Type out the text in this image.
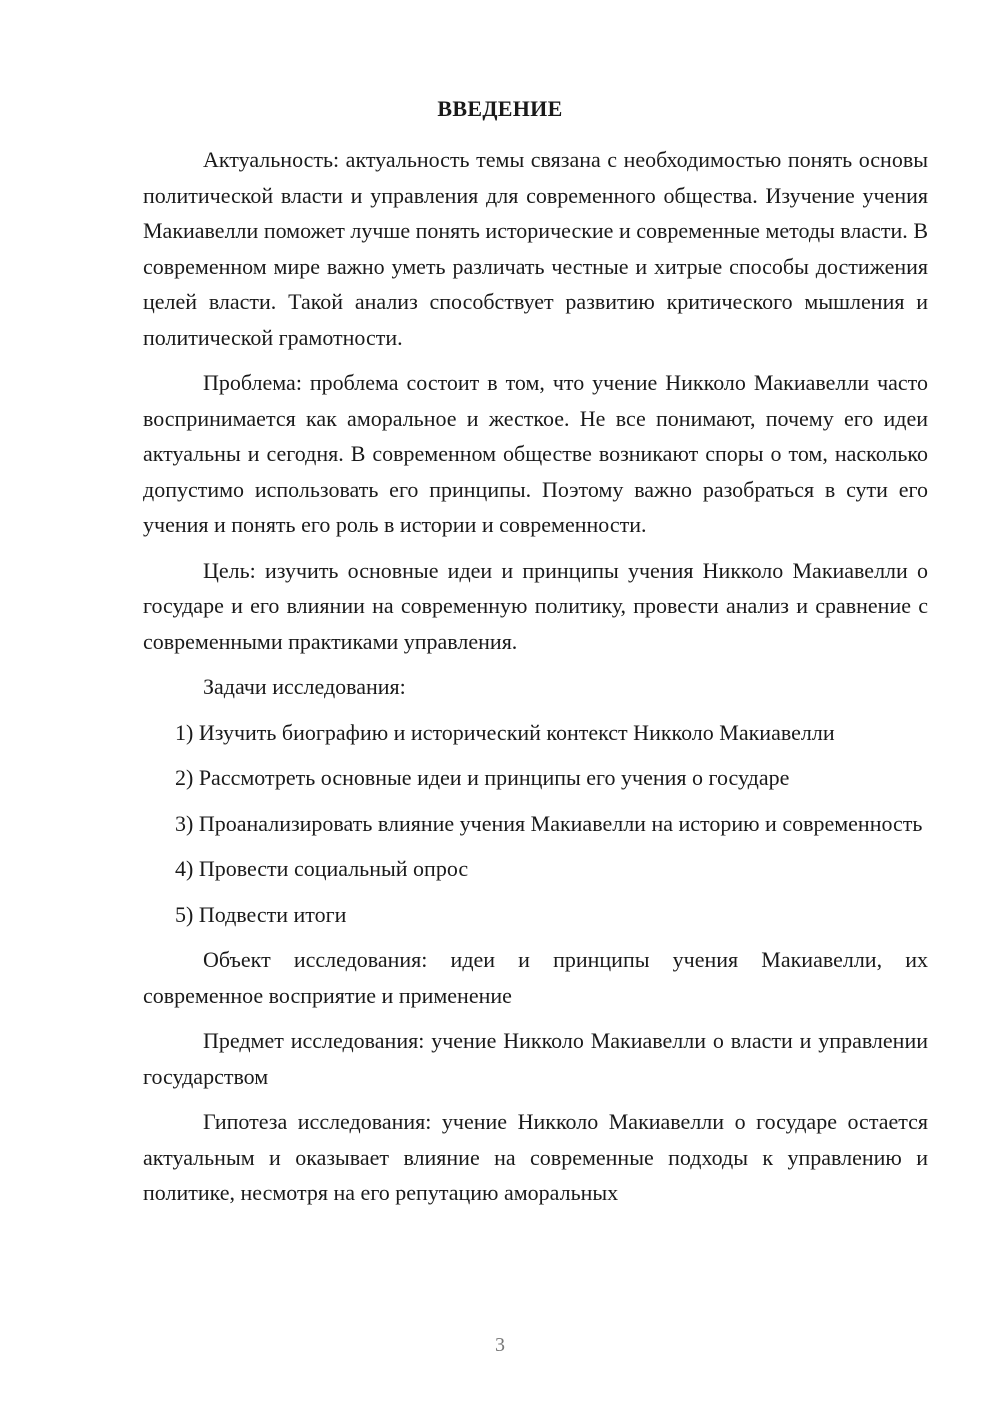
ВВЕДЕНИЕ

Актуальность: актуальность темы связана с необходимостью понять основы политической власти и управления для современного общества. Изучение учения Макиавелли поможет лучше понять исторические и современные методы власти. В современном мире важно уметь различать честные и хитрые способы достижения целей власти. Такой анализ способствует развитию критического мышления и политической грамотности.

Проблема: проблема состоит в том, что учение Никколо Макиавелли часто воспринимается как аморальное и жесткое. Не все понимают, почему его идеи актуальны и сегодня. В современном обществе возникают споры о том, насколько допустимо использовать его принципы. Поэтому важно разобраться в сути его учения и понять его роль в истории и современности.

Цель: изучить основные идеи и принципы учения Никколо Макиавелли о государе и его влиянии на современную политику, провести анализ и сравнение с современными практиками управления.

Задачи исследования:

1) Изучить биографию и исторический контекст Никколо Макиавелли

2) Рассмотреть основные идеи и принципы его учения о государе

3) Проанализировать влияние учения Макиавелли на историю и современность

4) Провести социальный опрос

5) Подвести итоги

Объект исследования: идеи и принципы учения Макиавелли, их современное восприятие и применение

Предмет исследования: учение Никколо Макиавелли о власти и управлении государством

Гипотеза исследования: учение Никколо Макиавелли о государе остается актуальным и оказывает влияние на современные подходы к управлению и политике, несмотря на его репутацию аморальных

3
